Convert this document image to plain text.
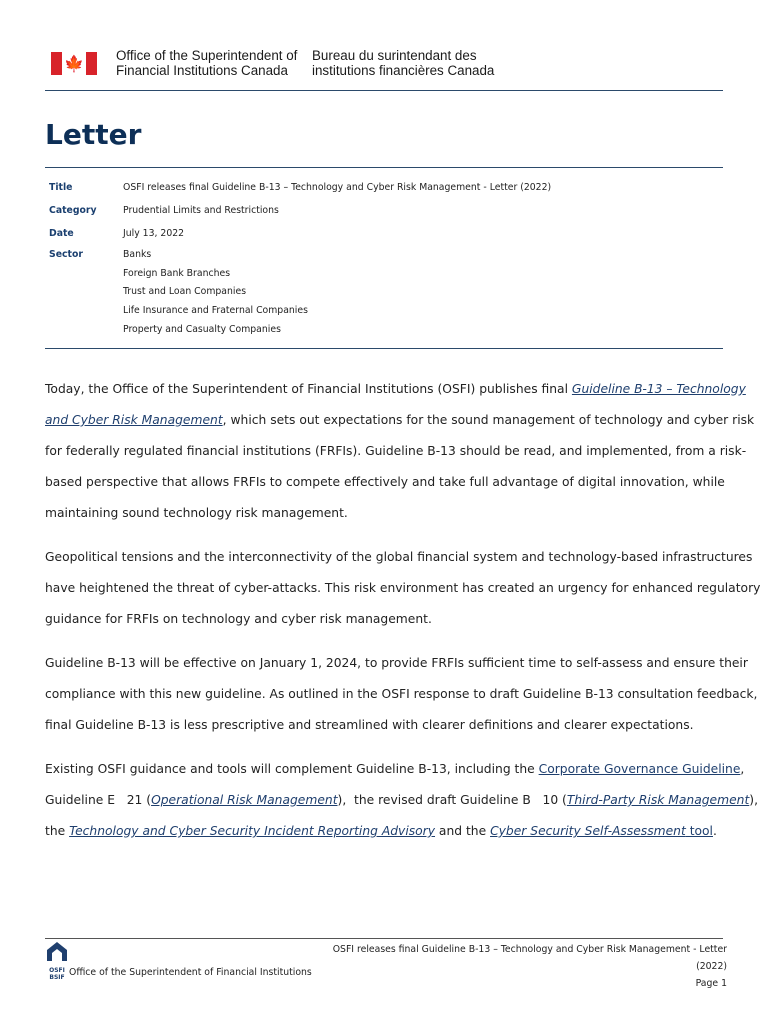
🍁 Office of the Superintendent of
Financial Institutions Canada
Bureau du surintendant des
institutions financières Canada
Letter
Title	OSFI releases final Guideline B-13 – Technology and Cyber Risk Management - Letter (2022)
Category	Prudential Limits and Restrictions
Date	July 13, 2022
Sector	Banks
Foreign Bank Branches
Trust and Loan Companies
Life Insurance and Fraternal Companies
Property and Casualty Companies

Today, the Office of the Superintendent of Financial Institutions (OSFI) publishes final Guideline B-13 – Technology
and Cyber Risk Management, which sets out expectations for the sound management of technology and cyber risk
for federally regulated financial institutions (FRFIs). Guideline B-13 should be read, and implemented, from a risk-
based perspective that allows FRFIs to compete effectively and take full advantage of digital innovation, while
maintaining sound technology risk management.

Geopolitical tensions and the interconnectivity of the global financial system and technology-based infrastructures
have heightened the threat of cyber-attacks. This risk environment has created an urgency for enhanced regulatory
guidance for FRFIs on technology and cyber risk management.

Guideline B-13 will be effective on January 1, 2024, to provide FRFIs sufficient time to self-assess and ensure their
compliance with this new guideline. As outlined in the OSFI response to draft Guideline B-13 consultation feedback,
final Guideline B-13 is less prescriptive and streamlined with clearer definitions and clearer expectations.

Existing OSFI guidance and tools will complement Guideline B-13, including the Corporate Governance Guideline,
Guideline E   21 (Operational Risk Management),  the revised draft Guideline B   10 (Third-Party Risk Management),
the Technology and Cyber Security Incident Reporting Advisory and the Cyber Security Self-Assessment tool.

OSFI
BSIF Office of the Superintendent of Financial Institutions
OSFI releases final Guideline B-13 – Technology and Cyber Risk Management - Letter
(2022)
Page 1
